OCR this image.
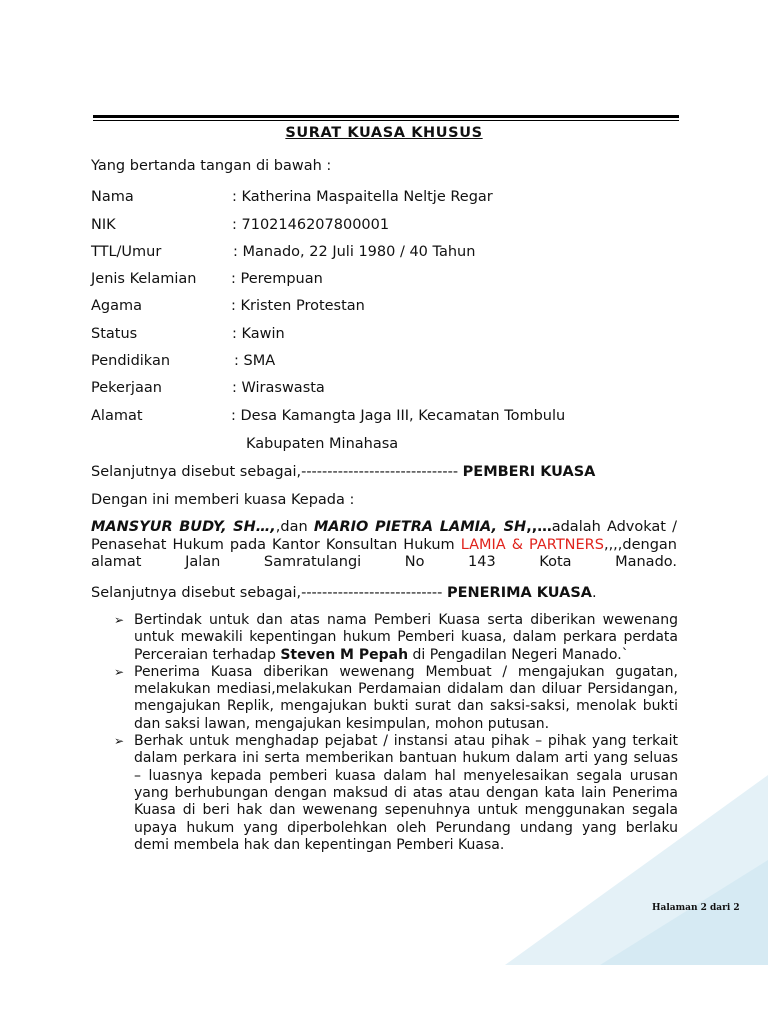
SURAT KUASA KHUSUS
Yang bertanda tangan di bawah :
Nama	: Katherina Maspaitella Neltje Regar
NIK	: 7102146207800001
TTL/Umur	: Manado, 22 Juli 1980 / 40 Tahun
Jenis Kelamian : Perempuan
Agama	: Kristen Protestan
Status	: Kawin
Pendidikan	: SMA
Pekerjaan	: Wiraswasta
Alamat	: Desa Kamangta Jaga III, Kecamatan Tombulu
Kabupaten Minahasa
Selanjutnya disebut sebagai,------------------------------ PEMBERI KUASA
Dengan ini memberi kuasa Kepada :
MANSYUR BUDY, SH…,,dan MARIO PIETRA LAMIA, SH,,…adalah Advokat / Penasehat Hukum pada Kantor Konsultan Hukum LAMIA & PARTNERS,,,,dengan alamat Jalan Samratulangi No 143 Kota Manado.
Selanjutnya disebut sebagai,--------------------------- PENERIMA KUASA.
➢ Bertindak untuk dan atas nama Pemberi Kuasa serta diberikan wewenang untuk mewakili kepentingan hukum Pemberi kuasa, dalam perkara perdata Perceraian terhadap Steven M Pepah di Pengadilan Negeri Manado.`
➢ Penerima Kuasa diberikan wewenang Membuat / mengajukan gugatan, melakukan mediasi,melakukan Perdamaian didalam dan diluar Persidangan, mengajukan Replik, mengajukan bukti surat dan saksi-saksi, menolak bukti dan saksi lawan, mengajukan kesimpulan, mohon putusan.
➢ Berhak untuk menghadap pejabat / instansi atau pihak – pihak yang terkait dalam perkara ini serta memberikan bantuan hukum dalam arti yang seluas – luasnya kepada pemberi kuasa dalam hal menyelesaikan segala urusan yang berhubungan dengan maksud di atas atau dengan kata lain Penerima Kuasa di beri hak dan wewenang sepenuhnya untuk menggunakan segala upaya hukum yang diperbolehkan oleh Perundang undang yang berlaku demi membela hak dan kepentingan Pemberi Kuasa.
Halaman 2 dari 2
